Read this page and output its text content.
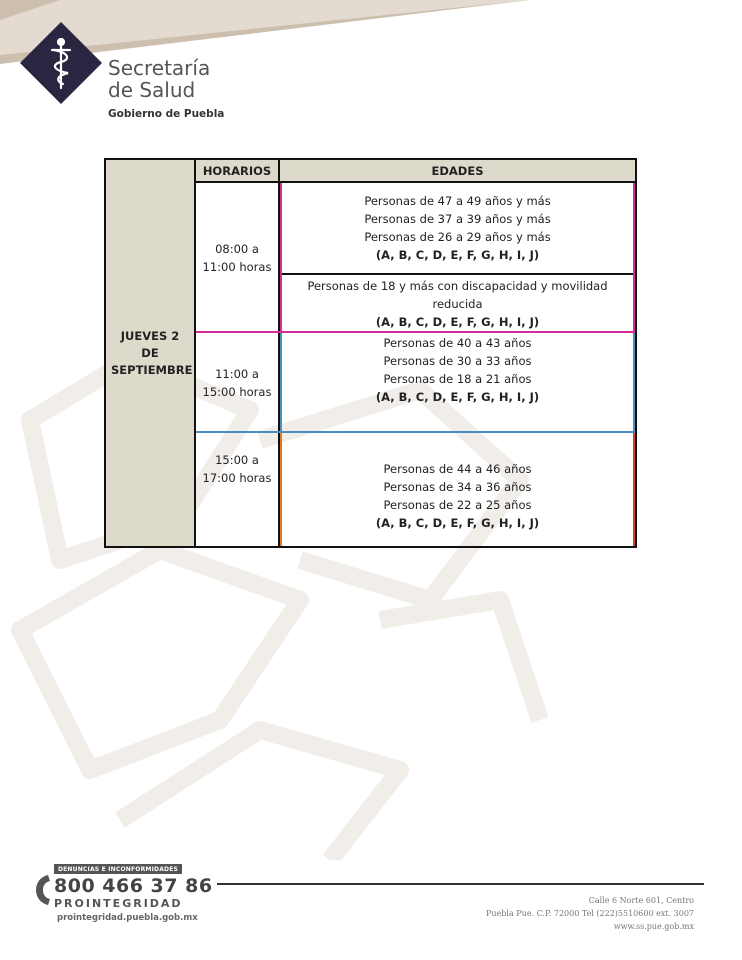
Secretaría
de Salud
Gobierno de Puebla
JUEVES 2 DE SEPTIEMBRE
HORARIOS	EDADES
08:00 a
11:00 horas
Personas de 47 a 49 años y más
Personas de 37 a 39 años y más
Personas de 26 a 29 años y más
(A, B, C, D, E, F, G, H, I, J)
Personas de 18 y más con discapacidad y movilidad reducida
(A, B, C, D, E, F, G, H, I, J)
11:00 a
15:00 horas
Personas de 40 a 43 años
Personas de 30 a 33 años
Personas de 18 a 21 años
(A, B, C, D, E, F, G, H, I, J)
15:00 a
17:00 horas
Personas de 44 a 46 años
Personas de 34 a 36 años
Personas de 22 a 25 años
(A, B, C, D, E, F, G, H, I, J)
DENUNCIAS E INCONFORMIDADES
800 466 37 86
PROINTEGRIDAD
prointegridad.puebla.gob.mx
Calle 6 Norte 601, Centro
Puebla Pue. C.P. 72000 Tel (222)5510600 ext. 3007
www.ss.pue.gob.mx
